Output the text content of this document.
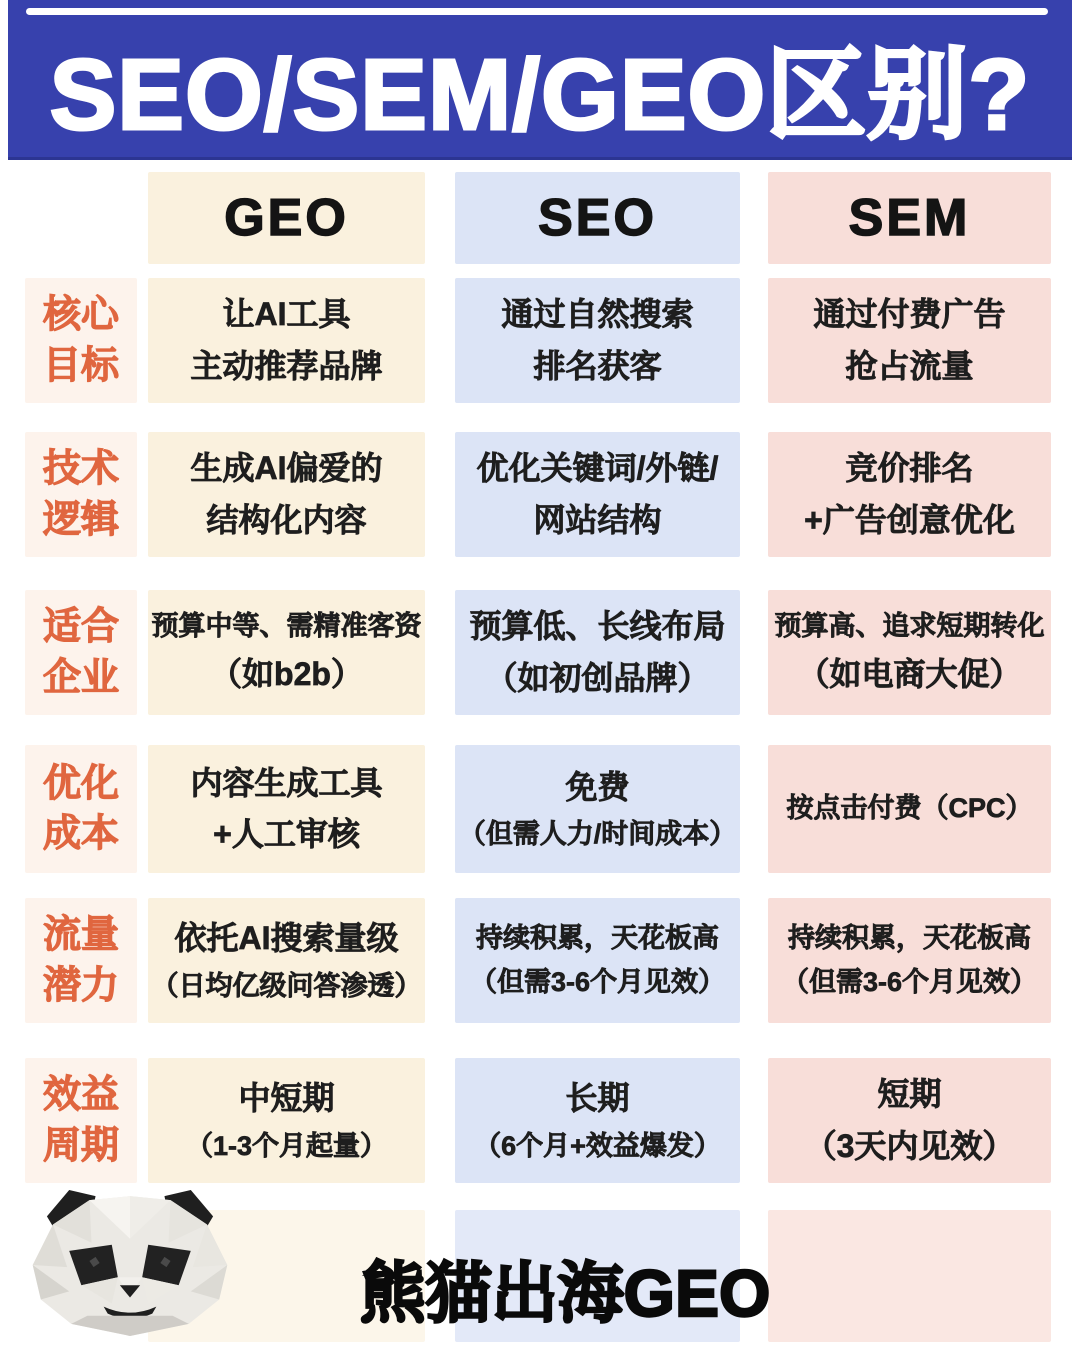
SEO/SEM/GEO区别?
GEO	SEO	SEM
核心
目标
让AI工具
主动推荐品牌
通过自然搜索
排名获客
通过付费广告
抢占流量
技术
逻辑
生成AI偏爱的
结构化内容
优化关键词/外链/
网站结构
竞价排名
+广告创意优化
适合
企业
预算中等、需精准客资
（如b2b）
预算低、长线布局
（如初创品牌）
预算高、追求短期转化
（如电商大促）
优化
成本
内容生成工具
+人工审核
免费
（但需人力/时间成本）
按点击付费（CPC）
流量
潜力
依托AI搜索量级
（日均亿级问答渗透）
持续积累，天花板高
（但需3-6个月见效）
持续积累，天花板高
（但需3-6个月见效）
效益
周期
中短期
（1-3个月起量）
长期
（6个月+效益爆发）
短期
（3天内见效）
熊猫出海GEO
